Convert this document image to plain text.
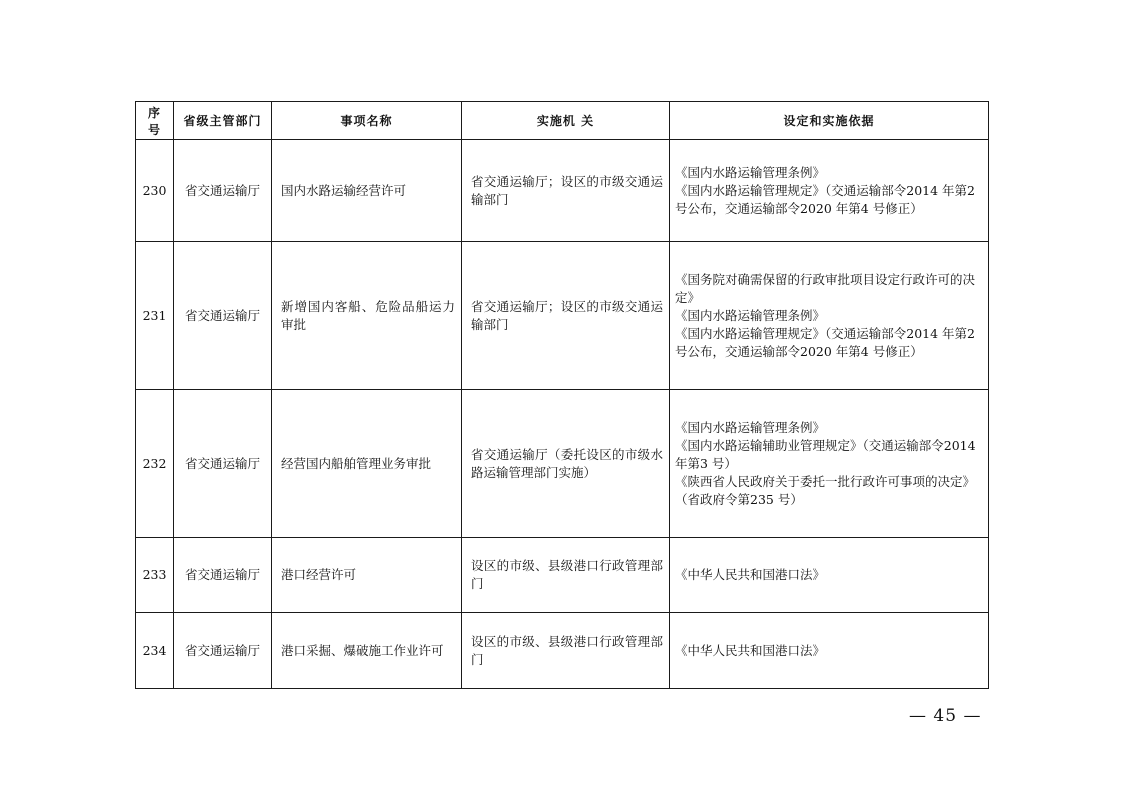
序号	省级主管部门	事项名称	实施机 关	设定和实施依据
230	省交通运输厅	国内水路运输经营许可	省交通运输厅；设区的市级交通运输部门	《国内水路运输管理条例》
《国内水路运输管理规定》（交通运输部令2014 年第2 号公布，交通运输部令2020 年第4 号修正）

231	省交通运输厅	新增国内客船、危险品船运力审批	省交通运输厅；设区的市级交通运输部门	《国务院对确需保留的行政审批项目设定行政许可的决定》
《国内水路运输管理条例》
《国内水路运输管理规定》（交通运输部令2014 年第2 号公布，交通运输部令2020 年第4 号修正）

232	省交通运输厅	经营国内船舶管理业务审批	省交通运输厅（委托设区的市级水路运输管理部门实施）	《国内水路运输管理条例》
《国内水路运输辅助业管理规定》（交通运输部令2014 年第3 号）
《陕西省人民政府关于委托一批行政许可事项的决定》（省政府令第235 号）

233	省交通运输厅	港口经营许可	设区的市级、县级港口行政管理部门	《中华人民共和国港口法》

234	省交通运输厅	港口采掘、爆破施工作业许可	设区的市级、县级港口行政管理部门	《中华人民共和国港口法》
— 45 —
